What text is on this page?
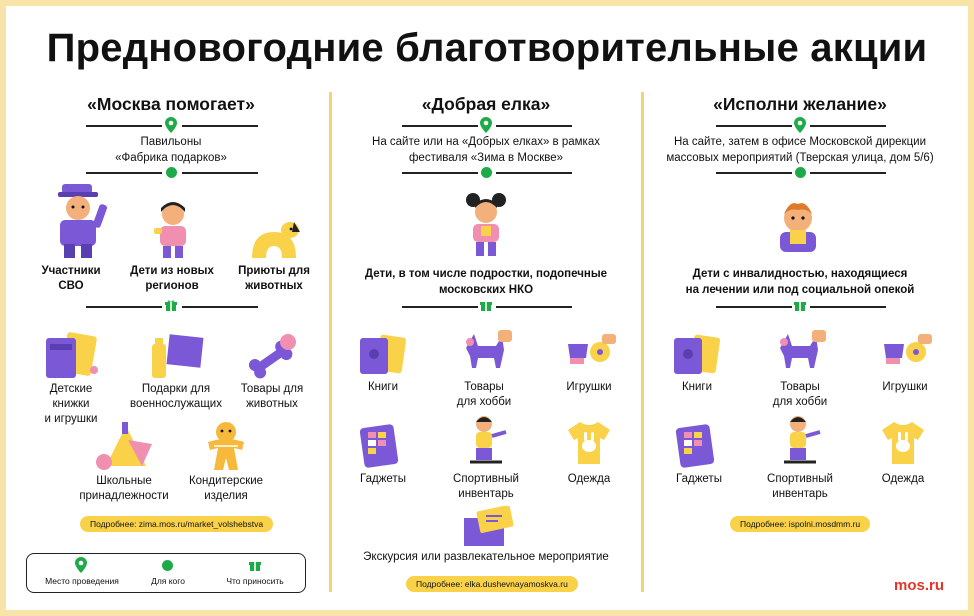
Предновогодние благотворительные акции
«Москва помогает»
Павильоны
«Фабрика подарков»
Участники
СВО
Дети из новых
регионов
Приюты для
животных
Детские
книжки
и игрушки
Подарки для
военнослужащих
Товары для
животных
Школьные
принадлежности
Кондитерские
изделия
Подробнее: zima.mos.ru/market_volshebstva
Место проведения	Для кого	Что приносить
«Добрая елка»
На сайте или на «Добрых елках» в рамках
фестиваля «Зима в Москве»
Дети, в том числе подростки, подопечные
московских НКО
Книги	Товары
для хобби
Игрушки
Гаджеты	Спортивный
инвентарь
Одежда
Экскурсия или развлекательное мероприятие
Подробнее: elka.dushevnayamoskva.ru
«Исполни желание»
На сайте, затем в офисе Московской дирекции
массовых мероприятий (Тверская улица, дом 5/6)
Дети с инвалидностью, находящиеся
на лечении или под социальной опекой
Книги	Товары
для хобби
Игрушки
Гаджеты	Спортивный
инвентарь
Одежда
Подробнее: ispolni.mosdmm.ru
mos.ru
